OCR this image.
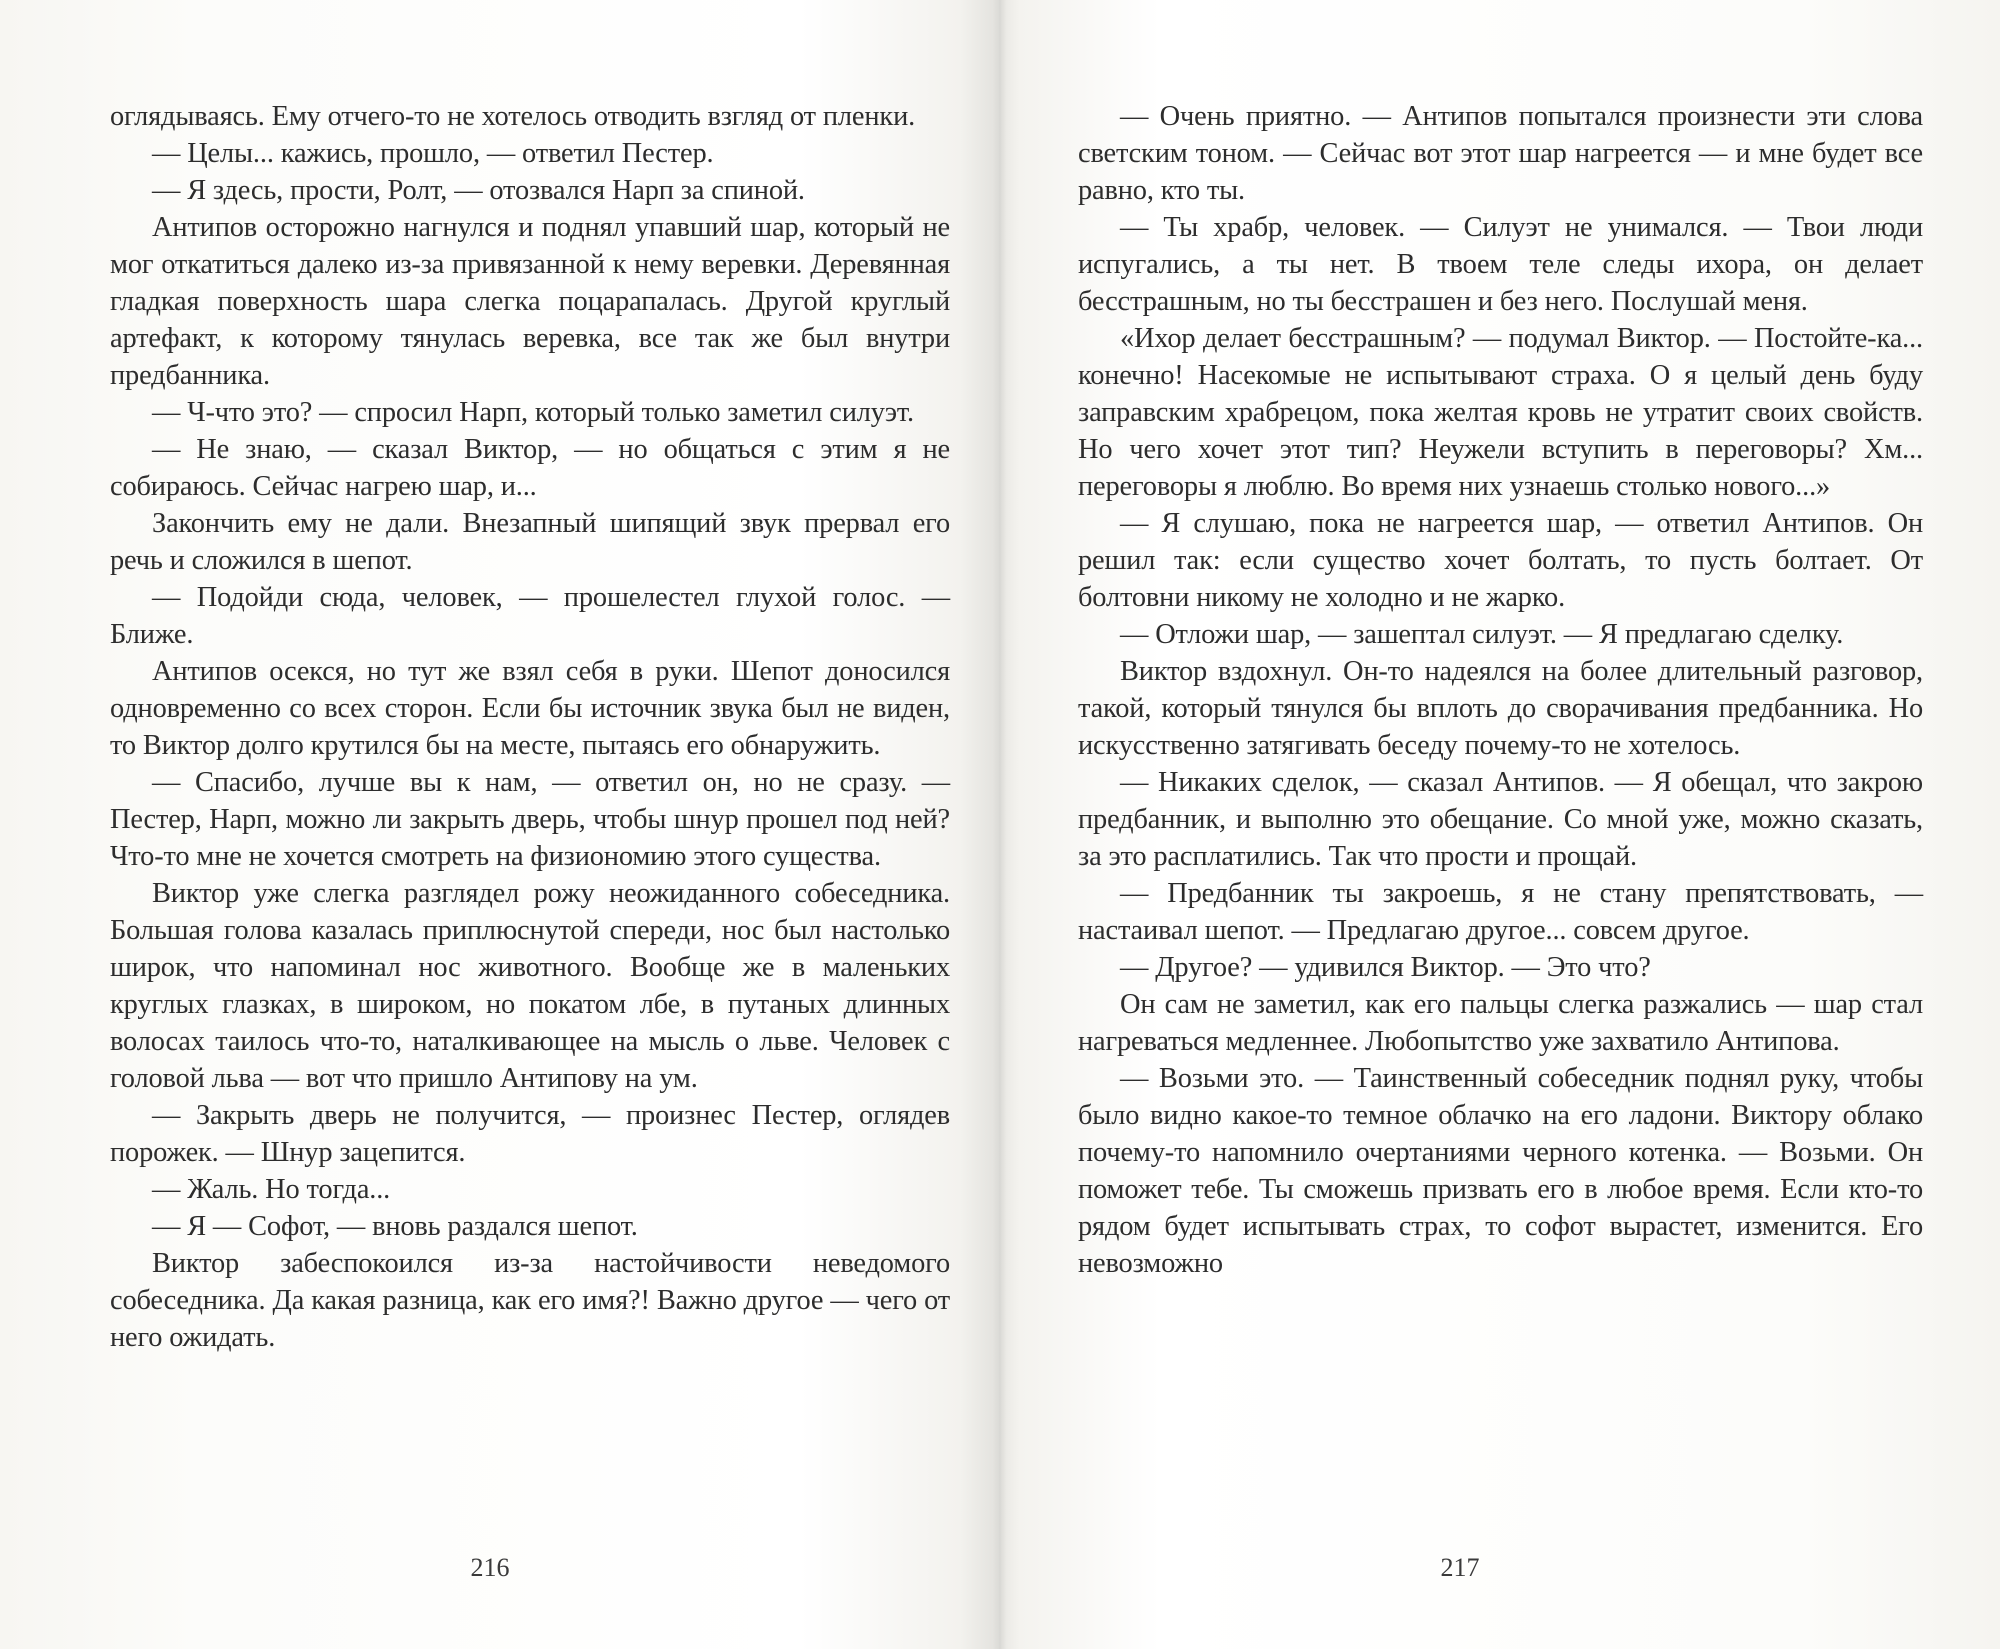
оглядываясь. Ему отчего-то не хотелось отводить взгляд от пленки.

— Целы... кажись, прошло, — ответил Пестер.

— Я здесь, прости, Ролт, — отозвался Нарп за спиной.

Антипов осторожно нагнулся и поднял упавший шар, который не мог откатиться далеко из-за привязанной к нему веревки. Деревянная гладкая поверхность шара слегка поцарапалась. Другой круглый артефакт, к которому тянулась веревка, все так же был внутри предбанника.

— Ч-что это? — спросил Нарп, который только заметил силуэт.

— Не знаю, — сказал Виктор, — но общаться с этим я не собираюсь. Сейчас нагрею шар, и...

Закончить ему не дали. Внезапный шипящий звук прервал его речь и сложился в шепот.

— Подойди сюда, человек, — прошелестел глухой голос. — Ближе.

Антипов осекся, но тут же взял себя в руки. Шепот доносился одновременно со всех сторон. Если бы источник звука был не виден, то Виктор долго крутился бы на месте, пытаясь его обнаружить.

— Спасибо, лучше вы к нам, — ответил он, но не сразу. — Пестер, Нарп, можно ли закрыть дверь, чтобы шнур прошел под ней? Что-то мне не хочется смотреть на физиономию этого существа.

Виктор уже слегка разглядел рожу неожиданного собеседника. Большая голова казалась приплюснутой спереди, нос был настолько широк, что напоминал нос животного. Вообще же в маленьких круглых глазках, в широком, но покатом лбе, в путаных длинных волосах таилось что-то, наталкивающее на мысль о льве. Человек с головой льва — вот что пришло Антипову на ум.

— Закрыть дверь не получится, — произнес Пестер, оглядев порожек. — Шнур зацепится.

— Жаль. Но тогда...

— Я — Софот, — вновь раздался шепот.

Виктор забеспокоился из-за настойчивости неведомого собеседника. Да какая разница, как его имя?! Важно другое — чего от него ожидать.

216

— Очень приятно. — Антипов попытался произнести эти слова светским тоном. — Сейчас вот этот шар нагреется — и мне будет все равно, кто ты.

— Ты храбр, человек. — Силуэт не унимался. — Твои люди испугались, а ты нет. В твоем теле следы ихора, он делает бесстрашным, но ты бесстрашен и без него. Послушай меня.

«Ихор делает бесстрашным? — подумал Виктор. — Постойте-ка... конечно! Насекомые не испытывают страха. О я целый день буду заправским храбрецом, пока желтая кровь не утратит своих свойств. Но чего хочет этот тип? Неужели вступить в переговоры? Хм... переговоры я люблю. Во время них узнаешь столько нового...»

— Я слушаю, пока не нагреется шар, — ответил Антипов. Он решил так: если существо хочет болтать, то пусть болтает. От болтовни никому не холодно и не жарко.

— Отложи шар, — зашептал силуэт. — Я предлагаю сделку.

Виктор вздохнул. Он-то надеялся на более длительный разговор, такой, который тянулся бы вплоть до сворачивания предбанника. Но искусственно затягивать беседу почему-то не хотелось.

— Никаких сделок, — сказал Антипов. — Я обещал, что закрою предбанник, и выполню это обещание. Со мной уже, можно сказать, за это расплатились. Так что прости и прощай.

— Предбанник ты закроешь, я не стану препятствовать, — настаивал шепот. — Предлагаю другое... совсем другое.

— Другое? — удивился Виктор. — Это что?

Он сам не заметил, как его пальцы слегка разжались — шар стал нагреваться медленнее. Любопытство уже захватило Антипова.

— Возьми это. — Таинственный собеседник поднял руку, чтобы было видно какое-то темное облачко на его ладони. Виктору облако почему-то напомнило очертаниями черного котенка. — Возьми. Он поможет тебе. Ты сможешь призвать его в любое время. Если кто-то рядом будет испытывать страх, то софот вырастет, изменится. Его невозможно

217
